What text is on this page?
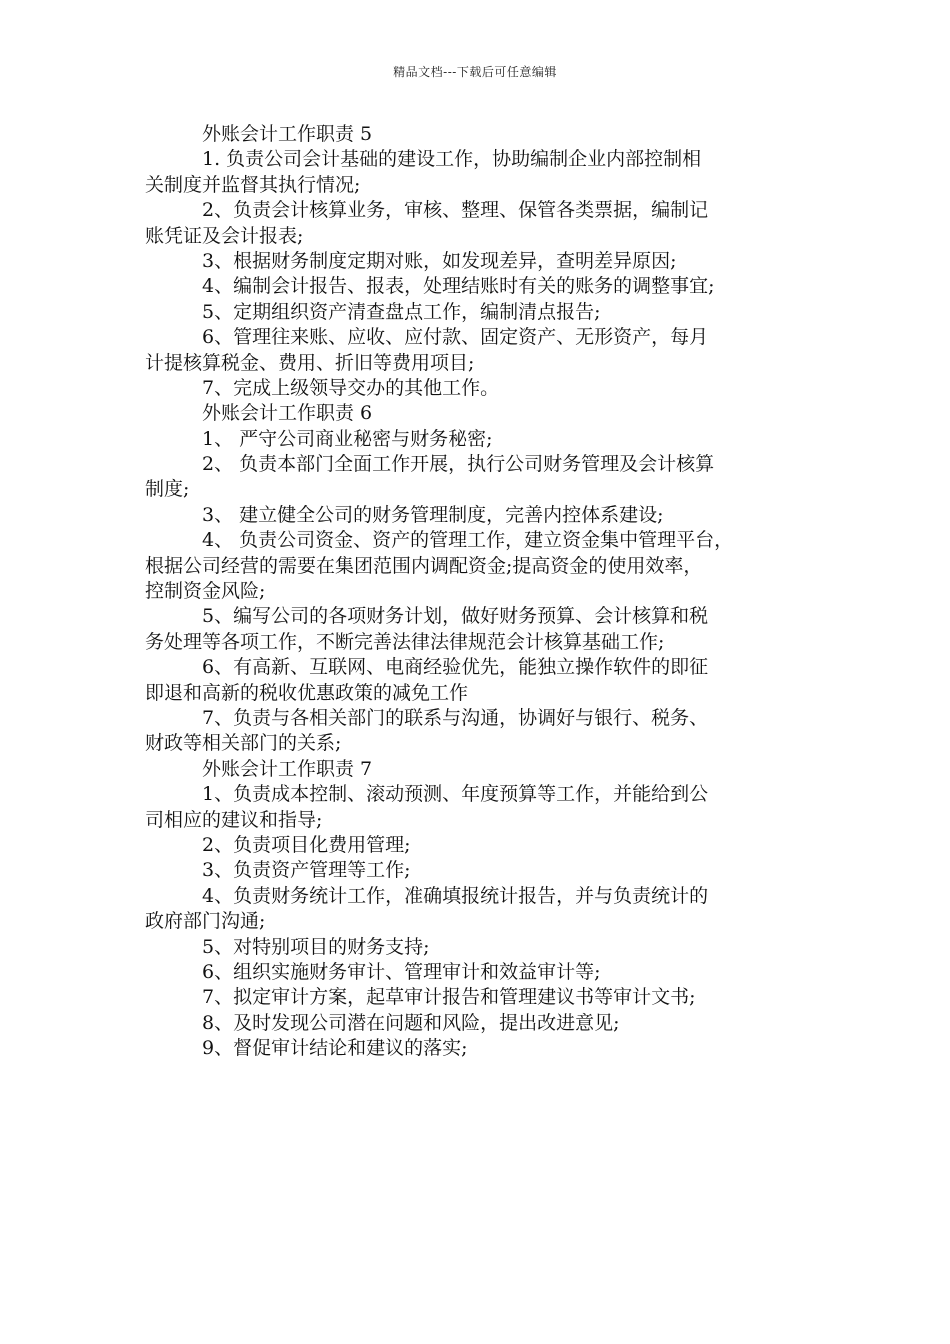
精品文档---下载后可任意编辑
外账会计工作职责 5
1. 负责公司会计基础的建设工作，协助编制企业内部控制相
关制度并监督其执行情况;
2、负责会计核算业务，审核、整理、保管各类票据，编制记
账凭证及会计报表;
3、根据财务制度定期对账，如发现差异，查明差异原因;
4、编制会计报告、报表，处理结账时有关的账务的调整事宜;
5、定期组织资产清查盘点工作，编制清点报告;
6、管理往来账、应收、应付款、固定资产、无形资产，每月
计提核算税金、费用、折旧等费用项目;
7、完成上级领导交办的其他工作。
外账会计工作职责 6
1、 严守公司商业秘密与财务秘密;
2、 负责本部门全面工作开展，执行公司财务管理及会计核算
制度;
3、 建立健全公司的财务管理制度，完善内控体系建设;
4、 负责公司资金、资产的管理工作，建立资金集中管理平台，
根据公司经营的需要在集团范围内调配资金;提高资金的使用效率，
控制资金风险;
5、编写公司的各项财务计划，做好财务预算、会计核算和税
务处理等各项工作，不断完善法律法律规范会计核算基础工作;
6、有高新、互联网、电商经验优先，能独立操作软件的即征
即退和高新的税收优惠政策的减免工作
7、负责与各相关部门的联系与沟通，协调好与银行、税务、
财政等相关部门的关系;
外账会计工作职责 7
1、负责成本控制、滚动预测、年度预算等工作，并能给到公
司相应的建议和指导;
2、负责项目化费用管理;
3、负责资产管理等工作;
4、负责财务统计工作，准确填报统计报告，并与负责统计的
政府部门沟通;
5、对特别项目的财务支持;
6、组织实施财务审计、管理审计和效益审计等;
7、拟定审计方案，起草审计报告和管理建议书等审计文书;
8、及时发现公司潜在问题和风险，提出改进意见;
9、督促审计结论和建议的落实;
